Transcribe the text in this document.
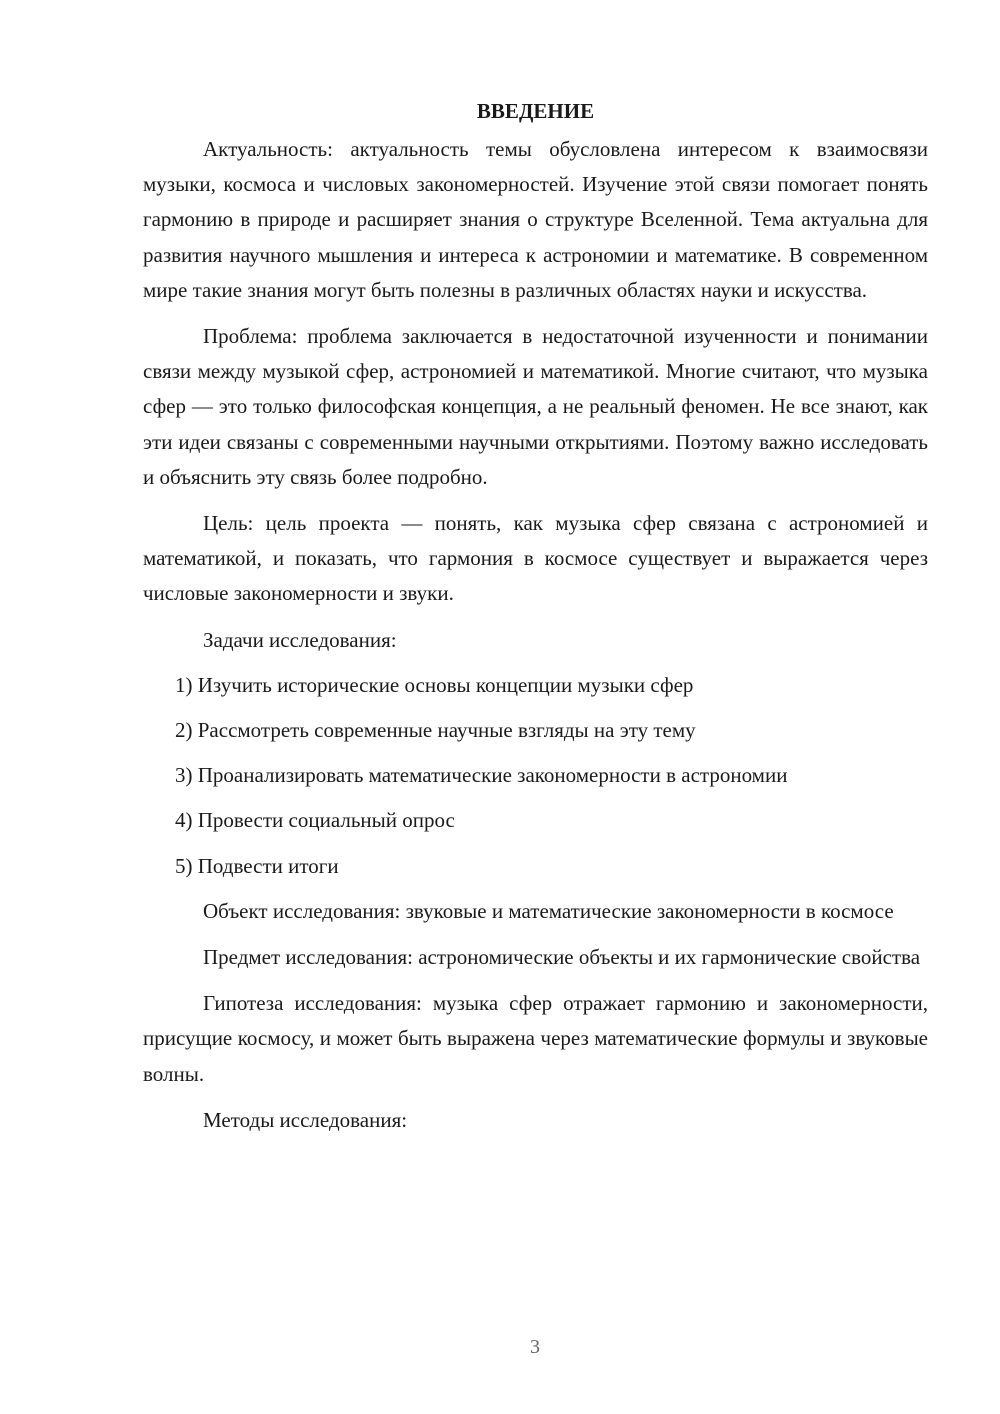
ВВЕДЕНИЕ

Актуальность: актуальность темы обусловлена интересом к взаимосвязи музыки, космоса и числовых закономерностей. Изучение этой связи помогает понять гармонию в природе и расширяет знания о структуре Вселенной. Тема актуальна для развития научного мышления и интереса к астрономии и математике. В современном мире такие знания могут быть полезны в различных областях науки и искусства.

Проблема: проблема заключается в недостаточной изученности и понимании связи между музыкой сфер, астрономией и математикой. Многие считают, что музыка сфер — это только философская концепция, а не реальный феномен. Не все знают, как эти идеи связаны с современными научными открытиями. Поэтому важно исследовать и объяснить эту связь более подробно.

Цель: цель проекта — понять, как музыка сфер связана с астрономией и математикой, и показать, что гармония в космосе существует и выражается через числовые закономерности и звуки.

Задачи исследования:

1) Изучить исторические основы концепции музыки сфер
2) Рассмотреть современные научные взгляды на эту тему
3) Проанализировать математические закономерности в астрономии
4) Провести социальный опрос
5) Подвести итоги

Объект исследования: звуковые и математические закономерности в космосе

Предмет исследования: астрономические объекты и их гармонические свойства

Гипотеза исследования: музыка сфер отражает гармонию и закономерности, присущие космосу, и может быть выражена через математические формулы и звуковые волны.

Методы исследования:

3
